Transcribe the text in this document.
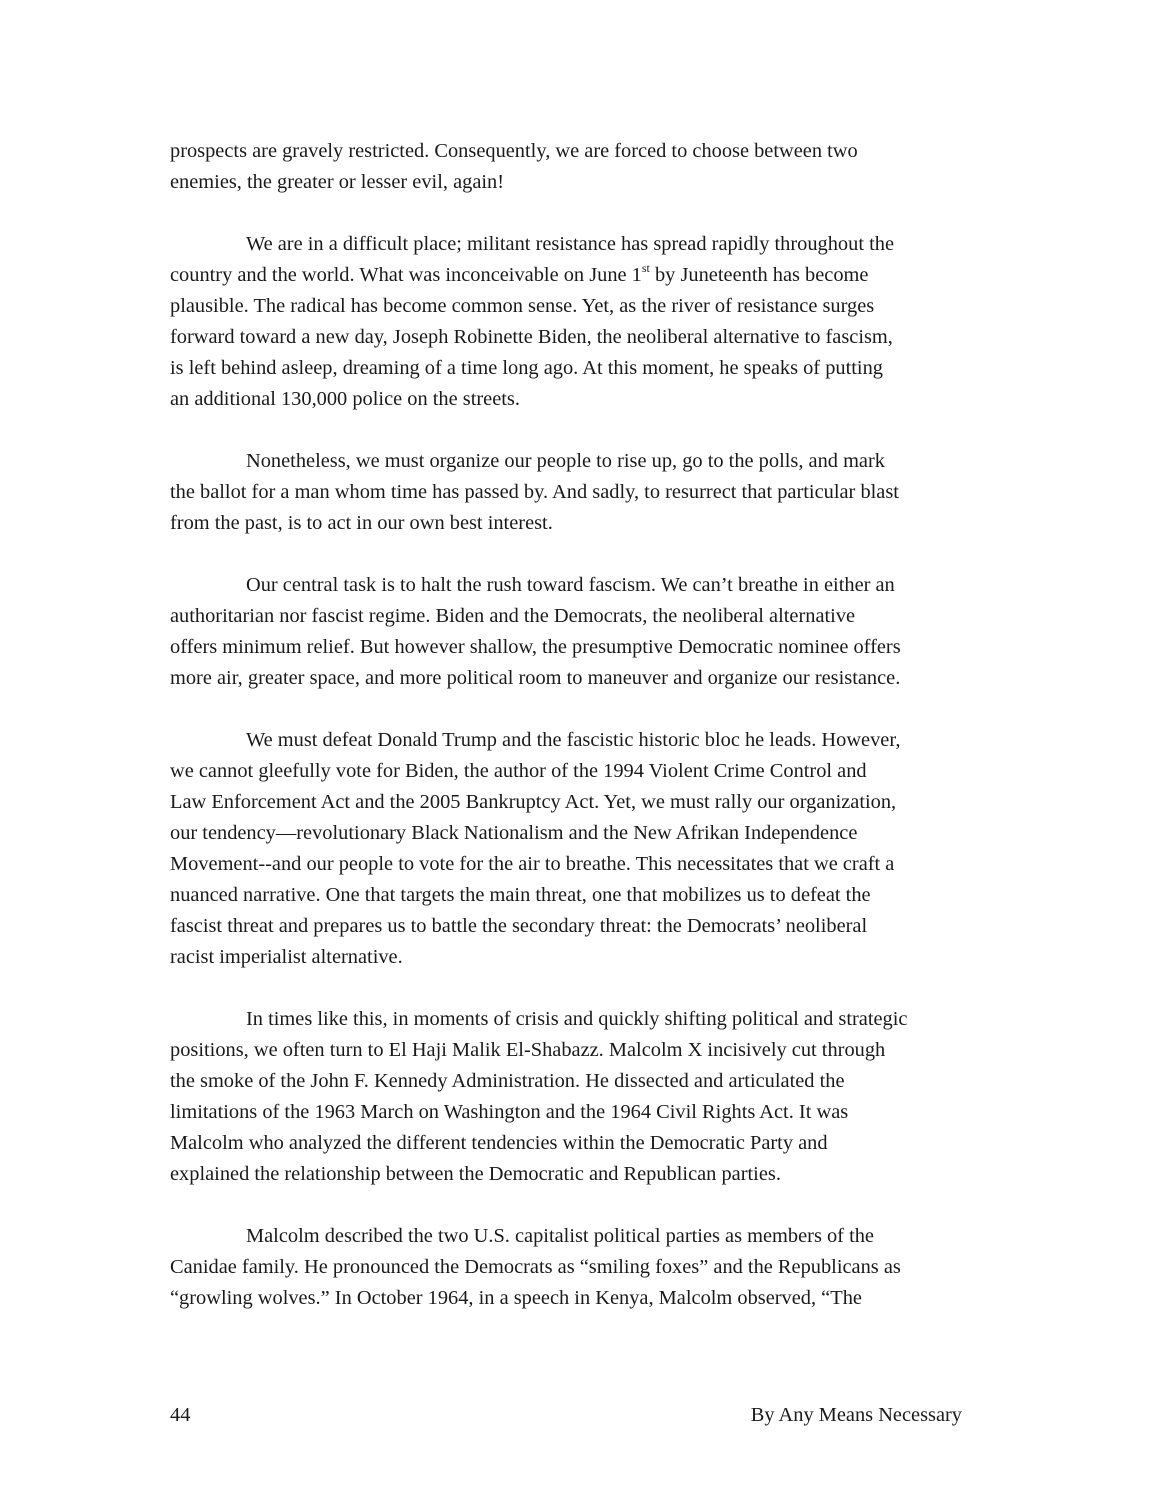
prospects are gravely restricted. Consequently, we are forced to choose between two
enemies, the greater or lesser evil, again!

We are in a difficult place; militant resistance has spread rapidly throughout the
country and the world. What was inconceivable on June 1st by Juneteenth has become
plausible. The radical has become common sense. Yet, as the river of resistance surges
forward toward a new day, Joseph Robinette Biden, the neoliberal alternative to fascism,
is left behind asleep, dreaming of a time long ago. At this moment, he speaks of putting
an additional 130,000 police on the streets.

Nonetheless, we must organize our people to rise up, go to the polls, and mark
the ballot for a man whom time has passed by. And sadly, to resurrect that particular blast
from the past, is to act in our own best interest.

Our central task is to halt the rush toward fascism. We can’t breathe in either an
authoritarian nor fascist regime. Biden and the Democrats, the neoliberal alternative
offers minimum relief. But however shallow, the presumptive Democratic nominee offers
more air, greater space, and more political room to maneuver and organize our resistance.

We must defeat Donald Trump and the fascistic historic bloc he leads. However,
we cannot gleefully vote for Biden, the author of the 1994 Violent Crime Control and
Law Enforcement Act and the 2005 Bankruptcy Act. Yet, we must rally our organization,
our tendency—revolutionary Black Nationalism and the New Afrikan Independence
Movement--and our people to vote for the air to breathe. This necessitates that we craft a
nuanced narrative. One that targets the main threat, one that mobilizes us to defeat the
fascist threat and prepares us to battle the secondary threat: the Democrats’ neoliberal
racist imperialist alternative.

In times like this, in moments of crisis and quickly shifting political and strategic
positions, we often turn to El Haji Malik El-Shabazz. Malcolm X incisively cut through
the smoke of the John F. Kennedy Administration. He dissected and articulated the
limitations of the 1963 March on Washington and the 1964 Civil Rights Act. It was
Malcolm who analyzed the different tendencies within the Democratic Party and
explained the relationship between the Democratic and Republican parties.

Malcolm described the two U.S. capitalist political parties as members of the
Canidae family. He pronounced the Democrats as “smiling foxes” and the Republicans as
“growling wolves.” In October 1964, in a speech in Kenya, Malcolm observed, “The

44	By Any Means Necessary
